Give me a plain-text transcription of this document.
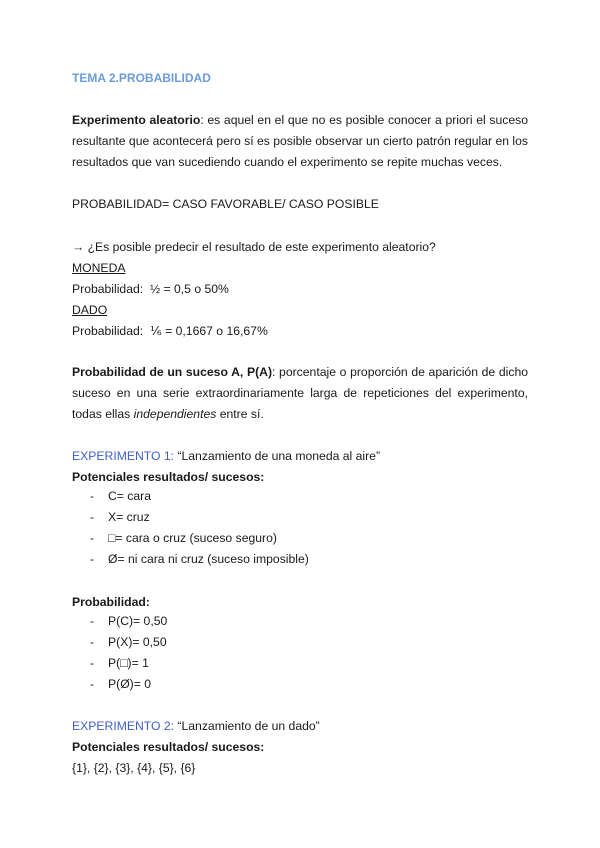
TEMA 2.PROBABILIDAD

Experimento aleatorio: es aquel en el que no es posible conocer a priori el suceso resultante que acontecerá pero sí es posible observar un cierto patrón regular en los resultados que van sucediendo cuando el experimento se repite muchas veces.

PROBABILIDAD= CASO FAVORABLE/ CASO POSIBLE

→ ¿Es posible predecir el resultado de este experimento aleatorio?

MONEDA

Probabilidad: ½ = 0,5 o 50%

DADO

Probabilidad: ⅙ = 0,1667 o 16,67%

Probabilidad de un suceso A, P(A): porcentaje o proporción de aparición de dicho suceso en una serie extraordinariamente larga de repeticiones del experimento, todas ellas independientes entre sí.

EXPERIMENTO 1: “Lanzamiento de una moneda al aire”

Potenciales resultados/ sucesos:

- C= cara
- X= cruz
- □= cara o cruz (suceso seguro)
- Ø= ni cara ni cruz (suceso imposible)

Probabilidad:

- P(C)= 0,50
- P(X)= 0,50
- P(□)= 1
- P(Ø)= 0

EXPERIMENTO 2: “Lanzamiento de un dado”

Potenciales resultados/ sucesos:

{1}, {2}, {3}, {4}, {5}, {6}
